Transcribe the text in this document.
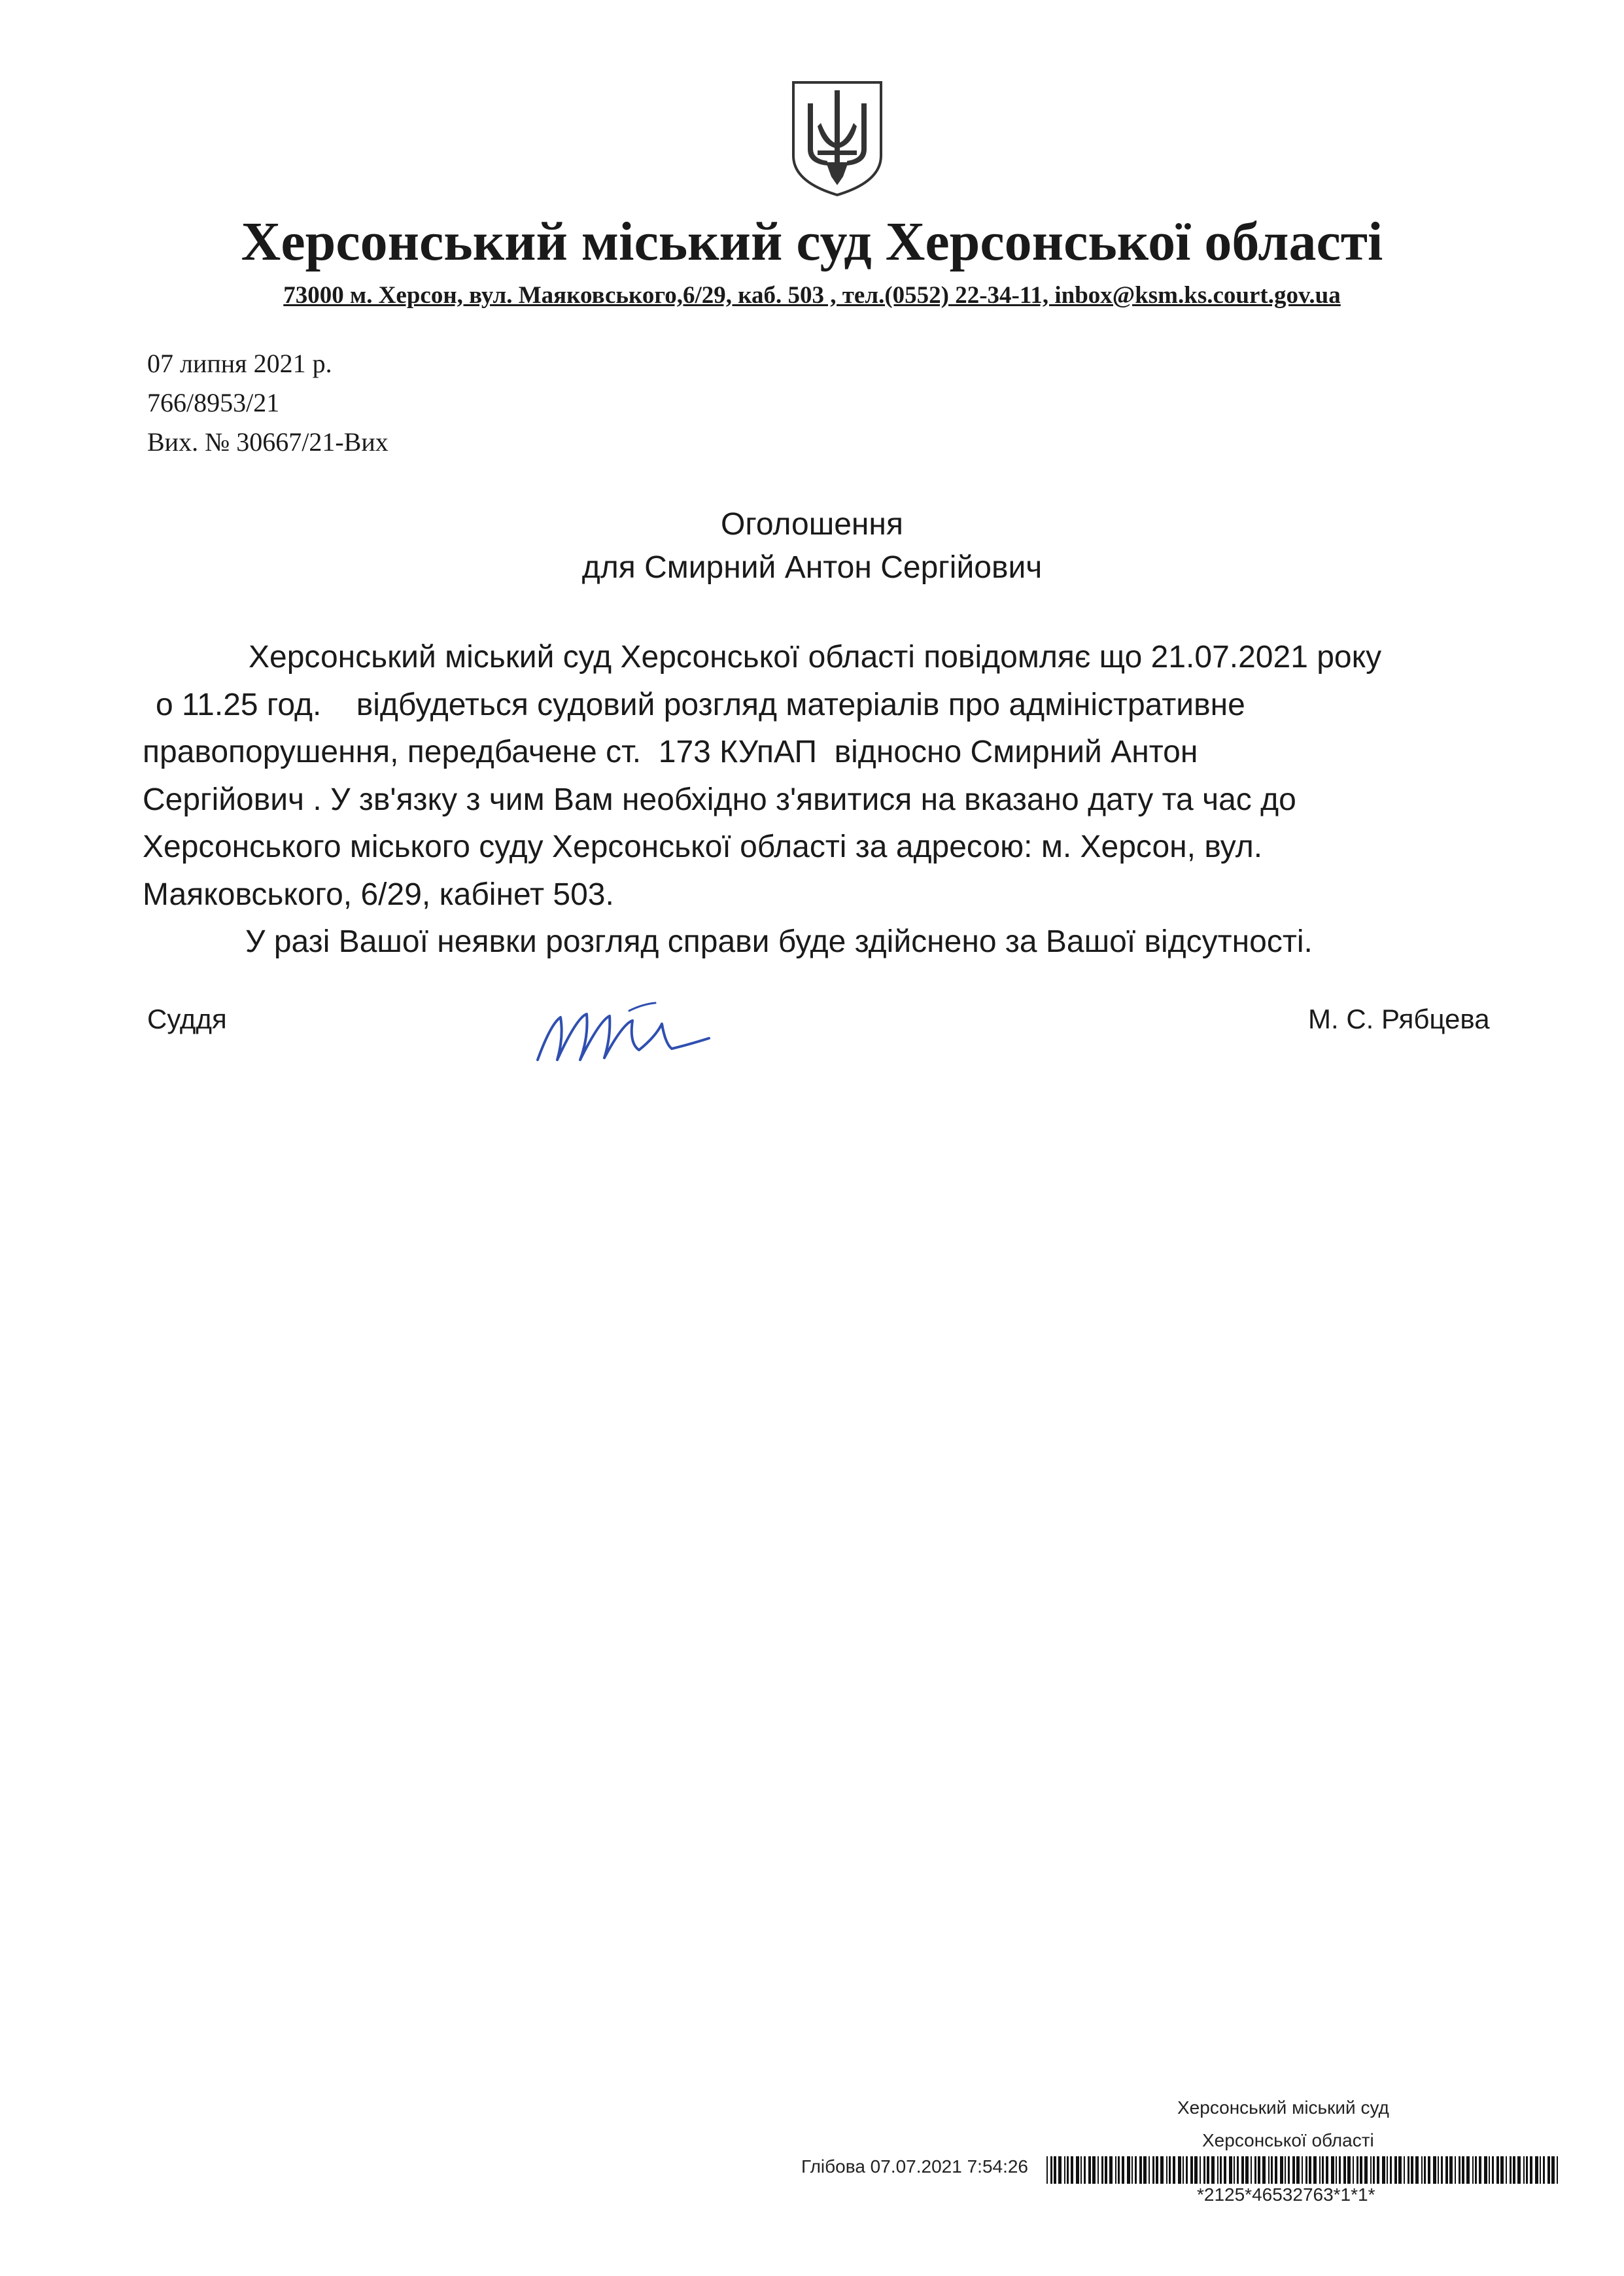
Херсонський міський суд Херсонської області
73000 м. Херсон, вул. Маяковського,6/29, каб. 503 , тел.(0552) 22-34-11, inbox@ksm.ks.court.gov.ua
07 липня 2021 р.
766/8953/21
Вих. № 30667/21-Вих
Оголошення
для Смирний Антон Сергійович
Херсонський міський суд Херсонської області повідомляє що 21.07.2021 року
о 11.25 год.    відбудеться судовий розгляд матеріалів про адміністративне
правопорушення, передбачене ст.  173 КУпАП  відносно Смирний Антон
Сергійович . У зв'язку з чим Вам необхідно з'явитися на вказано дату та час до
Херсонського міського суду Херсонської області за адресою: м. Херсон, вул.
Маяковського, 6/29, кабінет 503.
У разі Вашої неявки розгляд справи буде здійснено за Вашої відсутності.
Суддя	М. С. Рябцева
Херсонський міський суд
Херсонської області
Глібова 07.07.2021 7:54:26
*2125*46532763*1*1*
